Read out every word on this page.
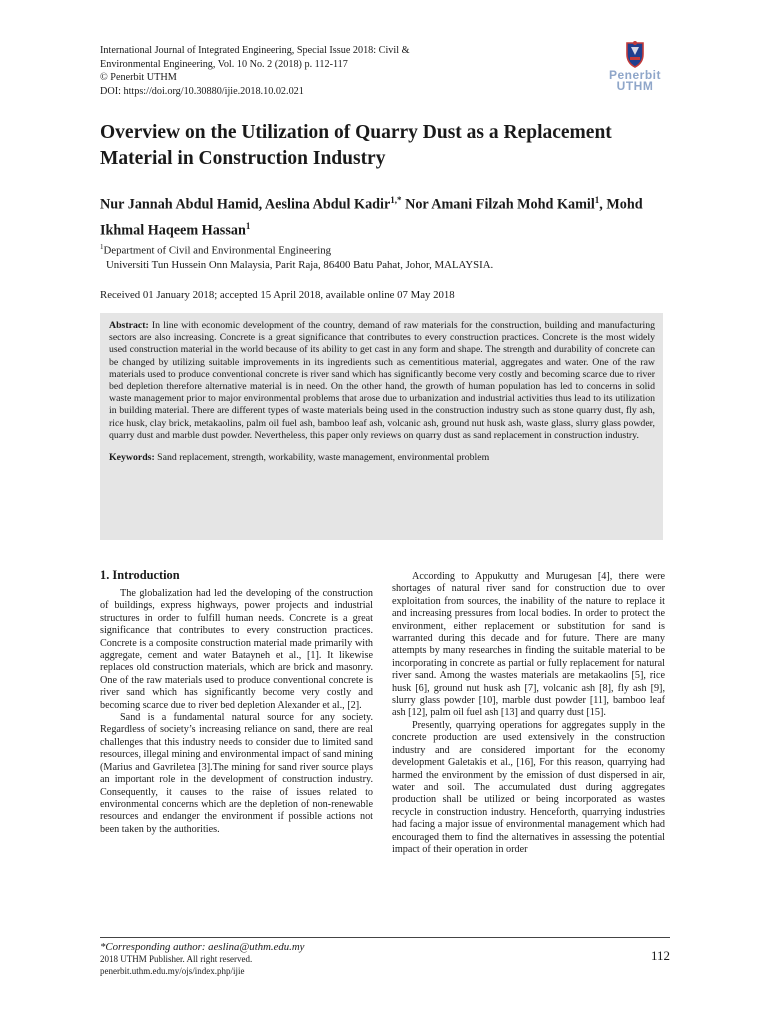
International Journal of Integrated Engineering, Special Issue 2018: Civil &
Environmental Engineering, Vol. 10 No. 2 (2018) p. 112-117
© Penerbit UTHM
DOI: https://doi.org/10.30880/ijie.2018.10.02.021
Penerbit
UTHM
Overview on the Utilization of Quarry Dust as a Replacement Material in Construction Industry
Nur Jannah Abdul Hamid, Aeslina Abdul Kadir$^{1,*}$ Nor Amani Filzah Mohd Kamil$^1$, Mohd Ikhmal Haqeem Hassan$^1$
$^1$Department of Civil and Environmental Engineering
Universiti Tun Hussein Onn Malaysia, Parit Raja, 86400 Batu Pahat, Johor, MALAYSIA.
Received 01 January 2018; accepted 15 April 2018, available online 07 May 2018

Abstract: In line with economic development of the country, demand of raw materials for the construction, building and manufacturing sectors are also increasing. Concrete is a great significance that contributes to every construction practices. Concrete is the most widely used construction material in the world because of its ability to get cast in any form and shape. The strength and durability of concrete can be changed by utilizing suitable improvements in its ingredients such as cementitious material, aggregates and water. One of the raw materials used to produce conventional concrete is river sand which has significantly become very costly and becoming scarce due to river bed depletion therefore alternative material is in need. On the other hand, the growth of human population has led to concerns in solid waste management prior to major environmental problems that arose due to urbanization and industrial activities thus lead to its utilization in building material. There are different types of waste materials being used in the construction industry such as stone quarry dust, fly ash, rice husk, clay brick, metakaolins, palm oil fuel ash, bamboo leaf ash, volcanic ash, ground nut husk ash, waste glass, slurry glass powder, quarry dust and marble dust powder. Nevertheless, this paper only reviews on quarry dust as sand replacement in construction industry.

Keywords: Sand replacement, strength, workability, waste management, environmental problem
1. Introduction

The globalization had led the developing of the construction of buildings, express highways, power projects and industrial structures in order to fulfill human needs. Concrete is a great significance that contributes to every construction practices. Concrete is a composite construction material made primarily with aggregate, cement and water Batayneh et al., [1]. It likewise replaces old construction materials, which are brick and masonry. One of the raw materials used to produce conventional concrete is river sand which has significantly become very costly and becoming scarce due to river bed depletion Alexander et al., [2].

Sand is a fundamental natural source for any society. Regardless of society’s increasing reliance on sand, there are real challenges that this industry needs to consider due to limited sand resources, illegal mining and environmental impact of sand mining (Marius and Gavriletea [3].The mining for sand river source plays an important role in the development of construction industry. Consequently, it causes to the raise of issues related to environmental concerns which are the depletion of non-renewable resources and endanger the environment if possible actions not been taken by the authorities.

According to Appukutty and Murugesan [4], there were shortages of natural river sand for construction due to over exploitation from sources, the inability of the nature to replace it and increasing pressures from local bodies. In order to protect the environment, either replacement or substitution for sand is warranted during this decade and for future. There are many attempts by many researches in finding the suitable material to be incorporating in concrete as partial or fully replacement for natural river sand. Among the wastes materials are metakaolins [5], rice husk [6], ground nut husk ash [7], volcanic ash [8], fly ash [9], slurry glass powder [10], marble dust powder [11], bamboo leaf ash [12], palm oil fuel ash [13] and quarry dust [15].

Presently, quarrying operations for aggregates supply in the concrete production are used extensively in the construction industry and are considered important for the economy development Galetakis et al., [16], For this reason, quarrying had harmed the environment by the emission of dust dispersed in air, water and soil. The accumulated dust during aggregates production shall be utilized or being incorporated as wastes recycle in construction industry. Henceforth, quarrying industries had facing a major issue of environmental management which had encouraged them to find the alternatives in assessing the potential impact of their operation in order

*Corresponding author: aeslina@uthm.edu.my
2018 UTHM Publisher. All right reserved.
penerbit.uthm.edu.my/ojs/index.php/ijie
112
